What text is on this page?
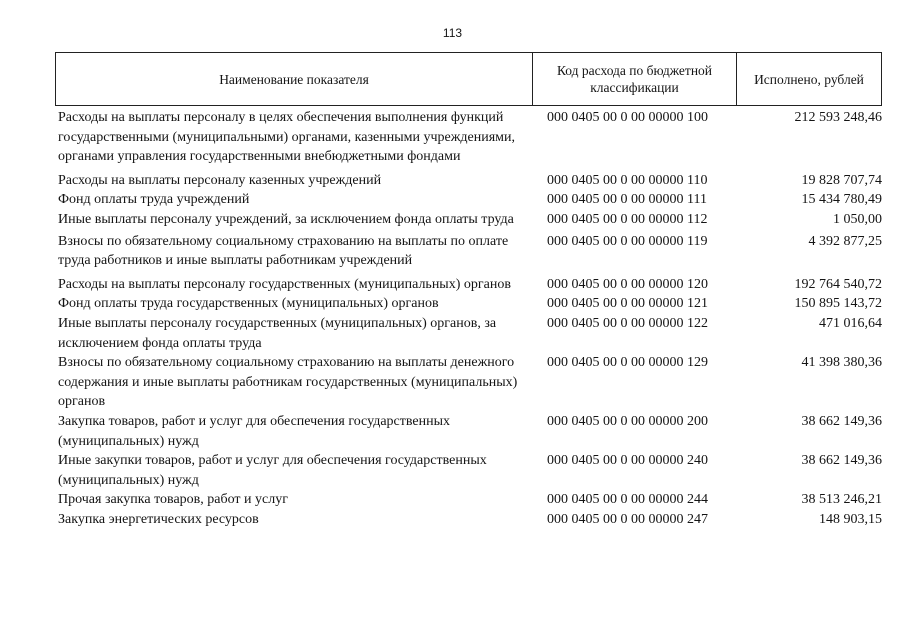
113
Наименование показателя
Код расхода по бюджетной классификации
Исполнено, рублей
Расходы на выплаты персоналу в целях обеспечения выполнения функций государственными (муниципальными) органами, казенными учреждениями, органами управления государственными внебюджетными фондами
000 0405 00 0 00 00000 100	212 593 248,46
Расходы на выплаты персоналу казенных учреждений	000 0405 00 0 00 00000 110	19 828 707,74
Фонд оплаты труда учреждений	000 0405 00 0 00 00000 111	15 434 780,49
Иные выплаты персоналу учреждений, за исключением фонда оплаты труда 000 0405 00 0 00 00000 112	1 050,00
Взносы по обязательному социальному страхованию на выплаты по оплате труда работников и иные выплаты работникам учреждений
000 0405 00 0 00 00000 119	4 392 877,25
Расходы на выплаты персоналу государственных (муниципальных) органов	000 0405 00 0 00 00000 120	192 764 540,72
Фонд оплаты труда государственных (муниципальных) органов	000 0405 00 0 00 00000 121	150 895 143,72
Иные выплаты персоналу государственных (муниципальных) органов, за исключением фонда оплаты труда
000 0405 00 0 00 00000 122	471 016,64
Взносы по обязательному социальному страхованию на выплаты денежного содержания и иные выплаты работникам государственных (муниципальных) органов
000 0405 00 0 00 00000 129	41 398 380,36
Закупка товаров, работ и услуг для обеспечения государственных (муниципальных) нужд
000 0405 00 0 00 00000 200	38 662 149,36
Иные закупки товаров, работ и услуг для обеспечения государственных (муниципальных) нужд
000 0405 00 0 00 00000 240	38 662 149,36
Прочая закупка товаров, работ и услуг	000 0405 00 0 00 00000 244	38 513 246,21
Закупка энергетических ресурсов	000 0405 00 0 00 00000 247	148 903,15
